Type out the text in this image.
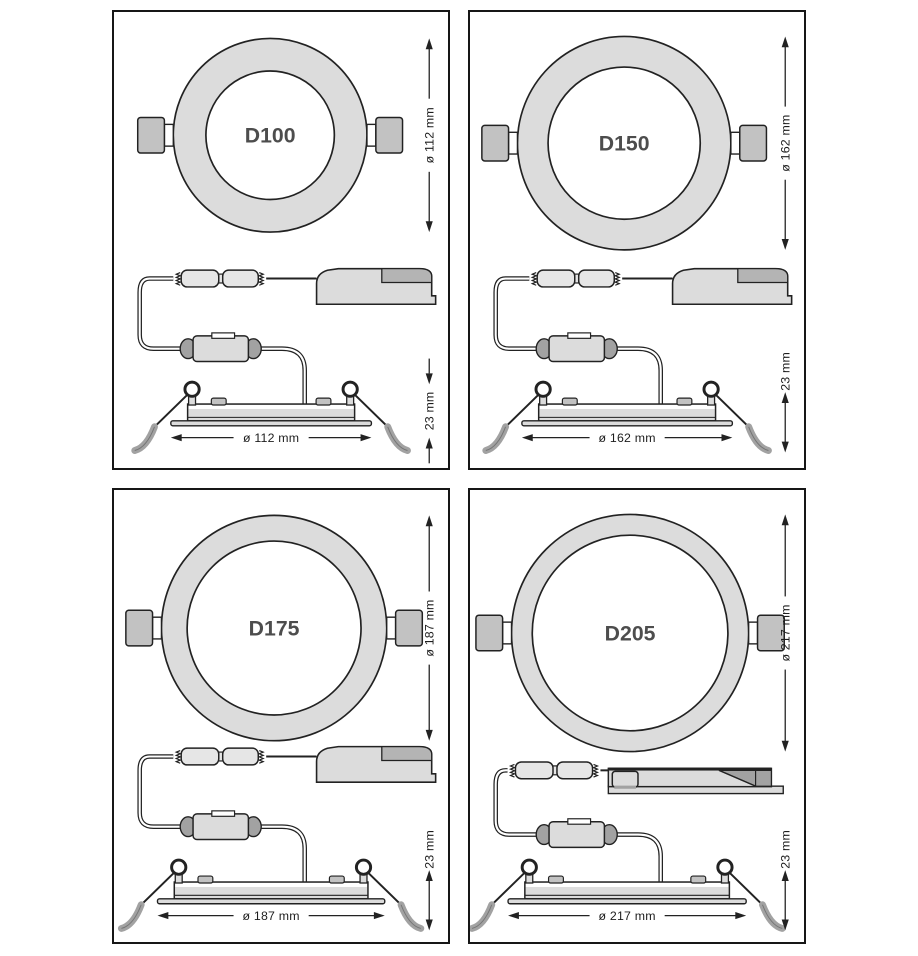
D100	ø 112 mm
ø 112 mm
23 mm
D150	ø 162 mm
ø 162 mm
23 mm
D175	ø 187 mm
ø 187 mm
23 mm
D205	ø 217 mm
ø 217 mm
23 mm
